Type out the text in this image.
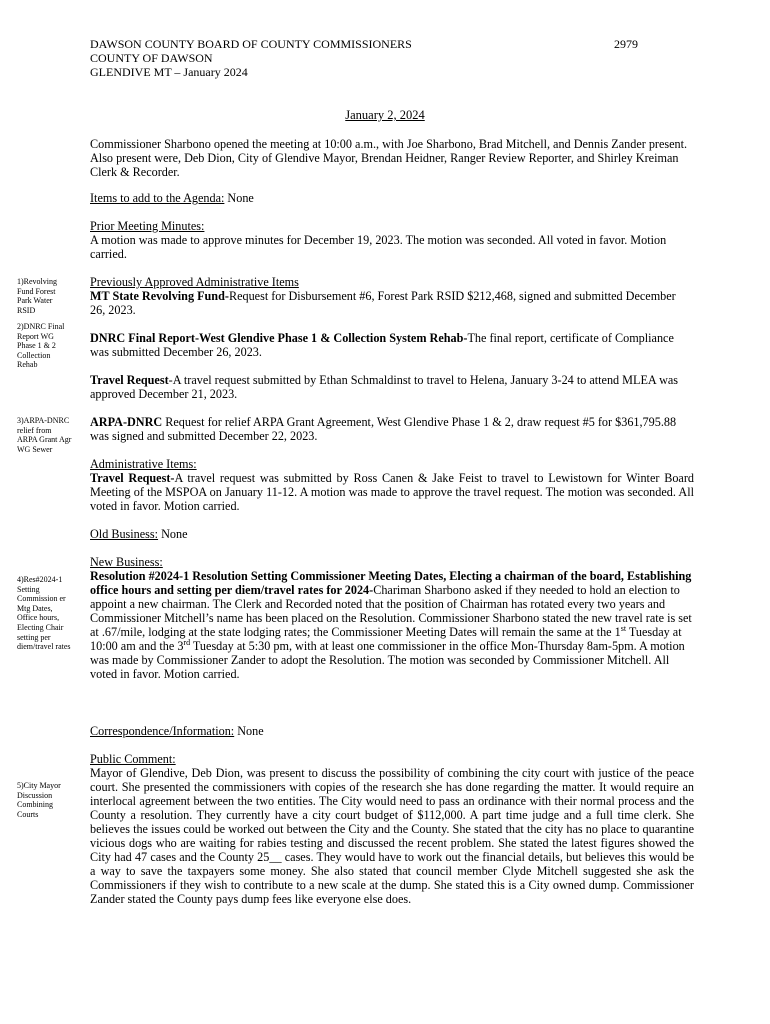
DAWSON COUNTY BOARD OF COUNTY COMMISSIONERS
COUNTY OF DAWSON
GLENDIVE MT – January 2024
2979
January 2, 2024
Commissioner Sharbono opened the meeting at 10:00 a.m., with Joe Sharbono, Brad Mitchell, and Dennis Zander present. Also present were, Deb Dion, City of Glendive Mayor, Brendan Heidner, Ranger Review Reporter, and Shirley Kreiman Clerk & Recorder.
Items to add to the Agenda: None
Prior Meeting Minutes:
A motion was made to approve minutes for December 19, 2023. The motion was seconded. All voted in favor. Motion carried.
Previously Approved Administrative Items
MT State Revolving Fund-Request for Disbursement #6, Forest Park RSID $212,468, signed and submitted December 26, 2023.
DNRC Final Report-West Glendive Phase 1 & Collection System Rehab-The final report, certificate of Compliance was submitted December 26, 2023.
Travel Request-A travel request submitted by Ethan Schmaldinst to travel to Helena, January 3-24 to attend MLEA was approved December 21, 2023.
ARPA-DNRC Request for relief ARPA Grant Agreement, West Glendive Phase 1 & 2, draw request #5 for $361,795.88 was signed and submitted December 22, 2023.
Administrative Items:
Travel Request-A travel request was submitted by Ross Canen & Jake Feist to travel to Lewistown for Winter Board Meeting of the MSPOA on January 11-12. A motion was made to approve the travel request. The motion was seconded. All voted in favor. Motion carried.
Old Business: None
New Business:
Resolution #2024-1 Resolution Setting Commissioner Meeting Dates, Electing a chairman of the board, Establishing office hours and setting per diem/travel rates for 2024-Chariman Sharbono asked if they needed to hold an election to appoint a new chairman. The Clerk and Recorded noted that the position of Chairman has rotated every two years and Commissioner Mitchell’s name has been placed on the Resolution. Commissioner Sharbono stated the new travel rate is set at .67/mile, lodging at the state lodging rates; the Commissioner Meeting Dates will remain the same at the 1st Tuesday at 10:00 am and the 3rd Tuesday at 5:30 pm, with at least one commissioner in the office Mon-Thursday 8am-5pm. A motion was made by Commissioner Zander to adopt the Resolution. The motion was seconded by Commissioner Mitchell. All voted in favor. Motion carried.
Correspondence/Information: None
Public Comment:
Mayor of Glendive, Deb Dion, was present to discuss the possibility of combining the city court with justice of the peace court. She presented the commissioners with copies of the research she has done regarding the matter. It would require an interlocal agreement between the two entities. The City would need to pass an ordinance with their normal process and the County a resolution. They currently have a city court budget of $112,000. A part time judge and a full time clerk. She believes the issues could be worked out between the City and the County. She stated that the city has no place to quarantine vicious dogs who are waiting for rabies testing and discussed the recent problem. She stated the latest figures showed the City had 47 cases and the County 25__ cases. They would have to work out the financial details, but believes this would be a way to save the taxpayers some money. She also stated that council member Clyde Mitchell suggested she ask the Commissioners if they wish to contribute to a new scale at the dump. She stated this is a City owned dump. Commissioner Zander stated the County pays dump fees like everyone else does.
1)Revolving Fund Forest Park Water RSID
2)DNRC Final Report WG Phase 1 & 2 Collection Rehab
3)ARPA-DNRC relief from ARPA Grant Agr WG Sewer
4)Res#2024-1 Setting Commission er Mtg Dates, Office hours, Electing Chair setting per diem/travel rates
5)City Mayor Discussion Combining Courts
